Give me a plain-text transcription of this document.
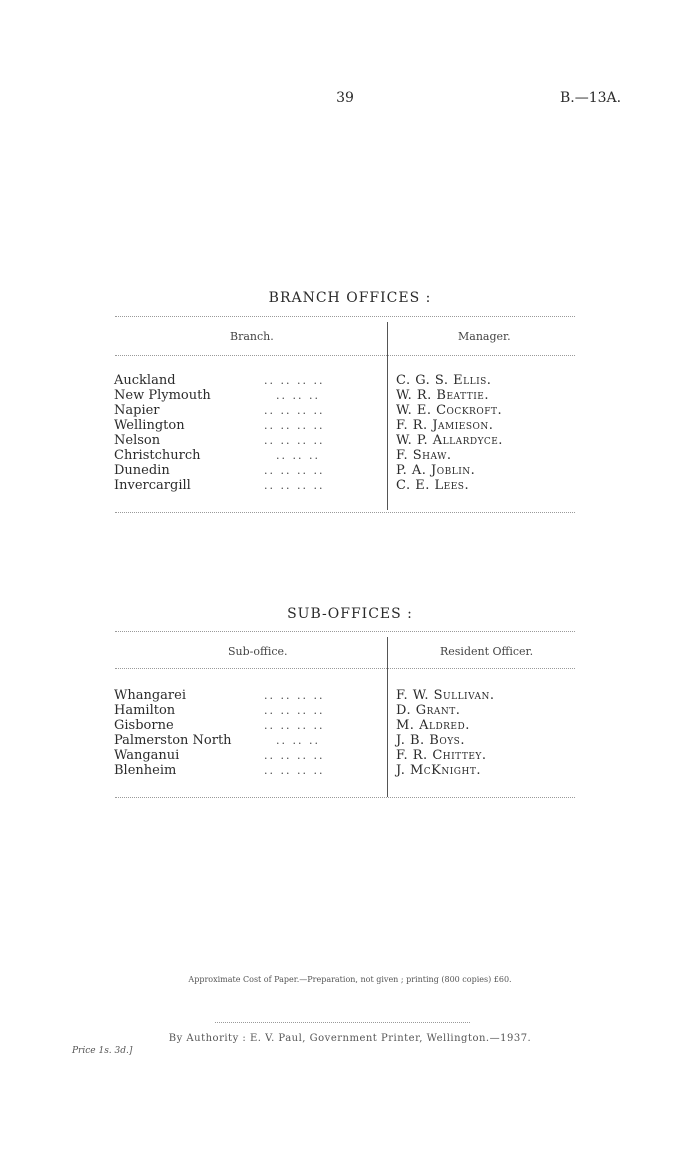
39	B.—13A.
BRANCH OFFICES :
Branch.	Manager.
Auckland	.. .. .. ..	C. G. S. Ellis.
New Plymouth	.. .. ..	W. R. Beattie.
Napier	.. .. .. ..	W. E. Cockroft.
Wellington	.. .. .. ..	F. R. Jamieson.
Nelson	.. .. .. ..	W. P. Allardyce.
Christchurch	.. .. ..	F. Shaw.
Dunedin	.. .. .. ..	P. A. Joblin.
Invercargill	.. .. .. ..	C. E. Lees.
SUB-OFFICES :
Sub-office.	Resident Officer.
Whangarei	.. .. .. ..	F. W. Sullivan.
Hamilton	.. .. .. ..	D. Grant.
Gisborne	.. .. .. ..	M. Aldred.
Palmerston North	.. .. ..	J. B. Boys.
Wanganui	.. .. .. ..	F. R. Chittey.
Blenheim	.. .. .. ..	J. McKnight.
Approximate Cost of Paper.—Preparation, not given ; printing (800 copies) £60.
By Authority : E. V. Paul, Government Printer, Wellington.—1937.
Price 1s. 3d.]
